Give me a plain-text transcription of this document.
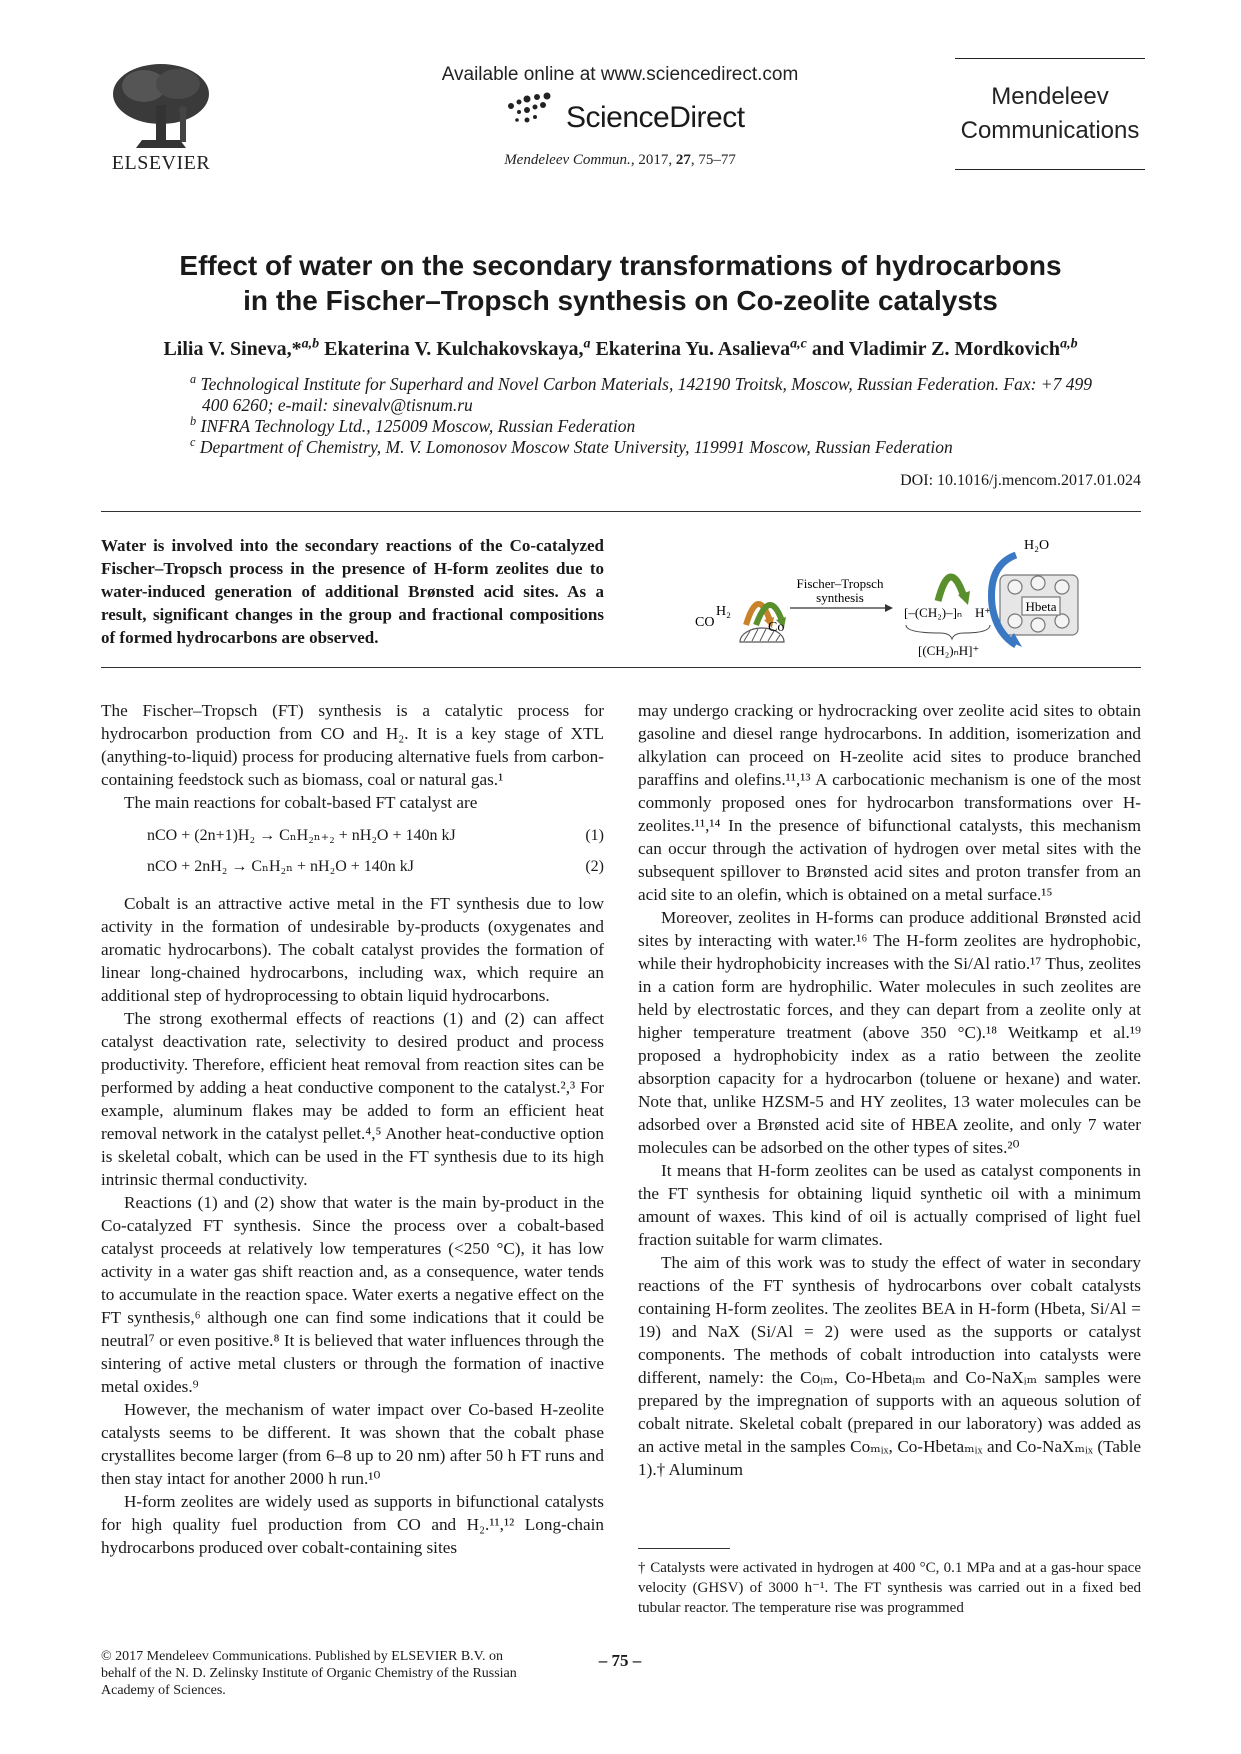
ELSEVIER
Available online at www.sciencedirect.com
ScienceDirect
Mendeleev Commun., 2017, 27, 75–77
Mendeleev
Communications
Effect of water on the secondary transformations of hydrocarbons
in the Fischer–Tropsch synthesis on Co-zeolite catalysts
Lilia V. Sineva,*$^{a,b}$ Ekaterina V. Kulchakovskaya,$^a$ Ekaterina Yu. Asalieva$^{a,c}$ and Vladimir Z. Mordkovich$^{a,b}$
$^a$ Technological Institute for Superhard and Novel Carbon Materials, 142190 Troitsk, Moscow, Russian Federation. Fax: +7 499 400 6260; e-mail: sinevalv@tisnum.ru
$^b$ INFRA Technology Ltd., 125009 Moscow, Russian Federation
$^c$ Department of Chemistry, M. V. Lomonosov Moscow State University, 119991 Moscow, Russian Federation
DOI: 10.1016/j.mencom.2017.01.024
Water is involved into the secondary reactions of the Co-catalyzed Fischer–Tropsch process in the presence of H-form zeolites due to water-induced generation of additional Brønsted acid sites. As a result, significant changes in the group and fractional compositions of formed hydrocarbons are observed.
H₂
CO	Co
Fischer–Tropsch
synthesis
[–(CH₂)–]ₙ H⁺
[(CH₂)ₙH]⁺
Hbeta
H₂O

The Fischer–Tropsch (FT) synthesis is a catalytic process for hydrocarbon production from CO and H₂. It is a key stage of XTL (anything-to-liquid) process for producing alternative fuels from carbon-containing feedstock such as biomass, coal or natural gas.¹

The main reactions for cobalt-based FT catalyst are

nCO + (2n+1)H₂ → CₙH₂ₙ₊₂ + nH₂O + 140n kJ	(1)
nCO + 2nH₂ → CₙH₂ₙ + nH₂O + 140n kJ	(2)

Cobalt is an attractive active metal in the FT synthesis due to low activity in the formation of undesirable by-products (oxygenates and aromatic hydrocarbons). The cobalt catalyst provides the formation of linear long-chained hydrocarbons, including wax, which require an additional step of hydroprocessing to obtain liquid hydrocarbons.

The strong exothermal effects of reactions (1) and (2) can affect catalyst deactivation rate, selectivity to desired product and process productivity. Therefore, efficient heat removal from reaction sites can be performed by adding a heat conductive component to the catalyst.²,³ For example, aluminum flakes may be added to form an efficient heat removal network in the catalyst pellet.⁴,⁵ Another heat-conductive option is skeletal cobalt, which can be used in the FT synthesis due to its high intrinsic thermal conductivity.

Reactions (1) and (2) show that water is the main by-product in the Co-catalyzed FT synthesis. Since the process over a cobalt-based catalyst proceeds at relatively low temperatures (<250 °C), it has low activity in a water gas shift reaction and, as a consequence, water tends to accumulate in the reaction space. Water exerts a negative effect on the FT synthesis,⁶ although one can find some indications that it could be neutral⁷ or even positive.⁸ It is believed that water influences through the sintering of active metal clusters or through the formation of inactive metal oxides.⁹

However, the mechanism of water impact over Co-based H-zeolite catalysts seems to be different. It was shown that the cobalt phase crystallites become larger (from 6–8 up to 20 nm) after 50 h FT runs and then stay intact for another 2000 h run.¹⁰

H-form zeolites are widely used as supports in bifunctional catalysts for high quality fuel production from CO and H₂.¹¹,¹² Long-chain hydrocarbons produced over cobalt-containing sites

may undergo cracking or hydrocracking over zeolite acid sites to obtain gasoline and diesel range hydrocarbons. In addition, isomerization and alkylation can proceed on H-zeolite acid sites to produce branched paraffins and olefins.¹¹,¹³ A carbocationic mechanism is one of the most commonly proposed ones for hydrocarbon transformations over H-zeolites.¹¹,¹⁴ In the presence of bifunctional catalysts, this mechanism can occur through the activation of hydrogen over metal sites with the subsequent spillover to Brønsted acid sites and proton transfer from an acid site to an olefin, which is obtained on a metal surface.¹⁵

Moreover, zeolites in H-forms can produce additional Brønsted acid sites by interacting with water.¹⁶ The H-form zeolites are hydrophobic, while their hydrophobicity increases with the Si/Al ratio.¹⁷ Thus, zeolites in a cation form are hydrophilic. Water molecules in such zeolites are held by electrostatic forces, and they can depart from a zeolite only at higher temperature treatment (above 350 °C).¹⁸ Weitkamp et al.¹⁹ proposed a hydrophobicity index as a ratio between the zeolite absorption capacity for a hydrocarbon (toluene or hexane) and water. Note that, unlike HZSM-5 and HY zeolites, 13 water molecules can be adsorbed over a Brønsted acid site of HBEA zeolite, and only 7 water molecules can be adsorbed on the other types of sites.²⁰

It means that H-form zeolites can be used as catalyst components in the FT synthesis for obtaining liquid synthetic oil with a minimum amount of waxes. This kind of oil is actually comprised of light fuel fraction suitable for warm climates.

The aim of this work was to study the effect of water in secondary reactions of the FT synthesis of hydrocarbons over cobalt catalysts containing H-form zeolites. The zeolites BEA in H-form (Hbeta, Si/Al = 19) and NaX (Si/Al = 2) were used as the supports or catalyst components. The methods of cobalt introduction into catalysts were different, namely: the Coᵢₘ, Co-Hbetaᵢₘ and Co-NaXᵢₘ samples were prepared by the impregnation of supports with an aqueous solution of cobalt nitrate. Skeletal cobalt (prepared in our laboratory) was added as an active metal in the samples Coₘᵢₓ, Co-Hbetaₘᵢₓ and Co-NaXₘᵢₓ (Table 1).† Aluminum

† Catalysts were activated in hydrogen at 400 °C, 0.1 MPa and at a gas-hour space velocity (GHSV) of 3000 h⁻¹. The FT synthesis was carried out in a fixed bed tubular reactor. The temperature rise was programmed
© 2017 Mendeleev Communications. Published by ELSEVIER B.V. on behalf of the N. D. Zelinsky Institute of Organic Chemistry of the Russian Academy of Sciences.
– 75 –
